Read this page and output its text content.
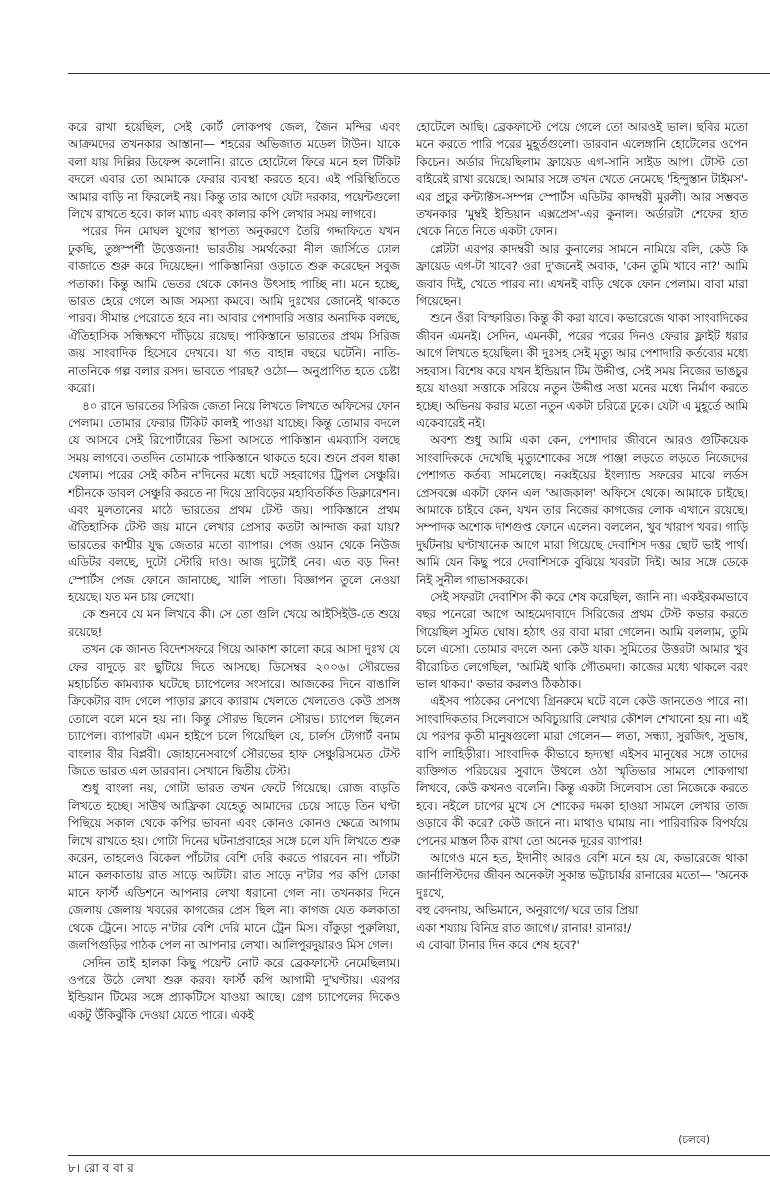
করে রাখা হয়েছিল, সেই কোর্ট লোকপথ জেল, জৈন মন্দির এবং আক্রমদের তখনকার আস্তানা— শহরের অভিজাত মডেল টাউন। যাকে বলা যায় দিল্লির ডিফেন্স কলোনি। রাতে হোটেলে ফিরে মনে হল টিকিট বদলে এবার তো আমাকে ফেরার ব্যবস্থা করতে হবে। এই পরিস্থিতিতে আমার বাড়ি না ফিরলেই নয়। কিন্তু তার আগে যেটা দরকার, পয়েন্টগুলো লিখে রাখতে হবে। কাল ম্যাচ এবং কালার কপি লেখার সময় লাগবে।

পরের দিন মোঘল যুগের স্থাপত্য অনুকরণে তৈরি গদ্দাফিতে যখন ঢুকছি, তুঙ্গস্পর্শী উত্তেজনা! ভারতীয় সমর্থকেরা নীল জার্সিতে ঢোল বাজাতে শুরু করে দিয়েছেন। পাকিস্তানিরা ওড়াতে শুরু করেছেন সবুজ পতাকা। কিন্তু আমি ভেতর থেকে কোনও উৎসাহ পাচ্ছি না। মনে হচ্ছে, ভারত হেরে গেলে আজ সমস্যা কমবে। আমি দুঃখের জোনেই থাকতে পারব। সীমান্ত পেরোতে হবে না। আবার পেশাদারি সত্তার অন্যদিক বলছে, ঐতিহাসিক সন্ধিক্ষণে দাঁড়িয়ে রয়েছ। পাকিস্তানে ভারতের প্রথম সিরিজ জয় সাংবাদিক হিসেবে দেখবে। যা গত বাহান্ন বছরে ঘটেনি। নাতি-নাতনিকে গল্প বলার রসদ। ভাবতে পারছ? ওঠো— অনুপ্রাণিত হতে চেষ্টা করো।

৪০ রানে ভারতের সিরিজ জেতা নিয়ে লিখতে লিখতে অফিসের ফোন পেলাম। তোমার ফেরার টিকিট কালই পাওয়া যাচ্ছে। কিন্তু তোমার বদলে যে আসবে সেই রিপোর্টারের ভিসা আসতে পাকিস্তান এমব্যাসি বলছে সময় লাগবে। ততদিন তোমাকে পাকিস্তানে থাকতে হবে। শুনে প্রবল ধাক্কা খেলাম। পরের সেই কঠিন ন'দিনের মধ্যে ঘটে সহবাগের ট্রিপল সেঞ্চুরি। শচীনকে ডাবল সেঞ্চুরি করতে না দিয়ে দ্রাবিড়ের মহাবিতর্কিত ডিক্লারেশন। এবং মুলতানের মাঠে ভারতের প্রথম টেস্ট জয়। পাকিস্তানে প্রথম ঐতিহাসিক টেস্ট জয় মানে লেখার প্রেসার কতটা আন্দাজ করা যায়? ভারতের কাশ্মীর যুদ্ধ জেতার মতো ব্যাপার। পেজ ওয়ান থেকে নিউজ এডিটর বলছে, দুটো স্টোরি দাও। আজ দুটোই নেব। এত বড় দিন! স্পোর্টস পেজ ফোনে জানাচ্ছে, খালি পাতা। বিজ্ঞাপন তুলে নেওয়া হয়েছে। যত মন চায় লেখো।

কে শুনবে যে মন লিখবে কী। সে তো গুলি খেয়ে আইসিইউ-তে শুয়ে রয়েছে!

তখন কে জানত বিদেশসফরে গিয়ে আকাশ কালো করে আসা দুঃখ যে ফের বাদুড়ে রং ছুটিয়ে দিতে আসছে। ডিসেম্বর ২০০৬। সৌরভের মহাচর্চিত কামব্যাক ঘটেছে চ্যাপেলের সংসারে। আজকের দিনে বাঙালি ক্রিকেটার বাদ গেলে পাড়ার ক্লাবে ক্যারাম খেলতে খেলতেও কেউ প্রসঙ্গ তোলে বলে মনে হয় না। কিন্তু সৌরভ ছিলেন সৌরভ। চ্যাপেল ছিলেন চ্যাপেল। ব্যাপারটা এমন হাইপে চলে গিয়েছিল যে, চার্লস ট্যেগার্ট বনাম বাংলার বীর বিপ্লবী। জোহানেসবার্গে সৌরভের হাফ সেঞ্চুরিসমেত টেস্ট জিতে ভারত এল ডারবান। সেখানে দ্বিতীয় টেস্ট।

শুধু বাংলা নয়, গোটা ভারত তখন ফেটে গিয়েছে। রোজ বাড়তি লিখতে হচ্ছে। সাউথ আফ্রিকা যেহেতু আমাদের চেয়ে সাড়ে তিন ঘণ্টা পিছিয়ে সকাল থেকে কপির ভাবনা এবং কোনও কোনও ক্ষেত্রে আগাম লিখে রাখতে হয়। গোটা দিনের ঘটনাপ্রবাহের সঙ্গে চলে যদি লিখতে শুরু করেন, তাহলেও বিকেল পাঁচটার বেশি দেরি করতে পারবেন না। পাঁচটা মানে কলকাতায় রাত সাড়ে আটটা। রাত সাড়ে ন'টার পর কপি ঢোকা মানে ফার্স্ট এডিশনে আপনার লেখা ধরানো গেল না। তখনকার দিনে জেলায় জেলায় খবরের কাগজের প্রেস ছিল না। কাগজ যেত কলকাতা থেকে ট্রেনে। সাড়ে ন'টার বেশি দেরি মানে ট্রেন মিস। বাঁকুড়া পুরুলিয়া, জলপিগুড়ির পাঠক পেল না আপনার লেখা। আলিপুরদুয়ারও মিস গেল।

সেদিন তাই হালকা কিছু পয়েন্ট নোট করে ব্রেকফাস্টে নেমেছিলাম। ওপরে উঠে লেখা শুরু করব। ফার্স্ট কপি আগামী দু'ঘণ্টায়। এরপর ইন্ডিয়ান টিমের সঙ্গে প্র্যাকটিসে যাওয়া আছে। গ্রেগ চ্যাপেলের দিকেও একটু উঁকিঝুঁকি দেওয়া যেতে পারে। একই

হোটেলে আছি। ব্রেকফাস্টে পেয়ে গেলে তো আরওই ভাল। ছবির মতো মনে করতে পারি পরের মুহূর্তগুলো। ডারবান এলেঙ্গানি হোটেলের ওপেন কিচেন। অর্ডার দিয়েছিলাম ফ্রায়েড এগ-সানি সাইড আপ। টোস্ট তো বাইরেই রাখা রয়েছে। আমার সঙ্গে তখন খেতে নেমেছে 'হিন্দুস্তান টাইমস'-এর প্রচুর কন্ট্যাক্টস-সম্পন্ন স্পোর্টস এডিটর কাদম্বরী মুরলী। আর সম্ভবত তখনকার 'মুম্বই ইন্ডিয়ান এক্সপ্রেস'-এর কুনাল। অর্ডারটা শেফের হাত থেকে নিতে নিতে একটা ফোন।

প্লেটটা এরপর কাদম্বরী আর কুনালের সামনে নামিয়ে বলি, কেউ কি ফ্রায়েড এগ-টা খাবে? ওরা দু'জনেই অবাক, 'কেন তুমি খাবে না?' আমি জবাব দিই, খেতে পারব না। এখনই বাড়ি থেকে ফোন পেলাম। বাবা মারা গিয়েছেন।

শুনে ওঁরা বিস্ফারিত। কিন্তু কী করা যাবে। কভারেজে থাকা সাংবাদিকের জীবন এমনই। সেদিন, এমনকী, পরের পরের দিনও ফেরার ফ্লাইট ধরার আগে লিখতে হয়েছিল। কী দুঃসহ সেই মৃত্যু আর পেশাদারি কর্তব্যের মধ্যে সহবাস। বিশেষ করে যখন ইন্ডিয়ান টিম উদ্দীপ্ত, সেই সময় নিজের ভাঙচুর হয়ে যাওয়া সত্তাকে সরিয়ে নতুন উদ্দীপ্ত সত্তা মনের মধ্যে নির্মাণ করতে হচ্ছে। অভিনয় করার মতো নতুন একটা চরিত্রে ঢুকে। যেটা এ মুহূর্তে আমি একেবারেই নই।

অবশ্য শুধু আমি একা কেন, পেশাদার জীবনে আরও গুটিকয়েক সাংবাদিককে দেখেছি মৃত্যুশোকের সঙ্গে পাঞ্জা লড়তে লড়তে নিজেদের পেশাগত কর্তব্য সামলেছে। নব্বইয়ের ইংল্যান্ড সফরের মাঝে লর্ডস প্রেসবক্সে একটা ফোন এল 'আজকাল' অফিসে থেকে। আমাকে চাইছে। আমাকে চাইবে কেন, যখন তার নিজের কাগজের লোক এখানে রয়েছে। সম্পাদক অশোক দাশগুপ্ত ফোনে এলেন। বললেন, খুব খারাপ খবর। গাড়ি দুর্ঘটনায় ঘণ্টাখানেক আগে মারা গিয়েছে দেবাশিস দত্তর ছোট ভাই পার্থ। আমি যেন কিছু পরে দেবাশিসকে বুঝিয়ে খবরটা দিই। আর সঙ্গে ডেকে নিই সুনীল গাভাসকরকে।

সেই সফরটা দেবাশিস কী করে শেষ করেছিল, জানি না। একইরকমভাবে বছর পনেরো আগে আহমেদাবাদে সিরিজের প্রথম টেস্ট কভার করতে গিয়েছিল সুমিত ঘোষ। হঠাৎ ওর বাবা মারা গেলেন। আমি বললাম, তুমি চলে এসো। তোমার বদলে অন্য কেউ যাক। সুমিতের উত্তরটা আমার খুব বীরোচিত লেগেছিল, 'আমিই থাকি গৌতমদা। কাজের মধ্যে থাকলে বরং ভাল থাকব।' কভার করলও ঠিকঠাক।

এইসব পাঠকের নেপথ্যে গ্রিনরুমে ঘটে বলে কেউ জানতেও পারে না। সাংবাদিকতার সিলেবাসে অবিচ্যুয়ারি লেখার কৌশল শেখানো হয় না। এই যে পরপর কৃতী মানুষগুলো মারা গেলেন— লতা, সন্ধ্যা, সুরজিৎ, সুভাষ, বাপি লাহিড়ীরা। সাংবাদিক কীভাবে হৃদ্যস্থা এইসব মানুষের সঙ্গে তাদের ব্যক্তিগত পরিচয়ের সুবাদে উথলে ওঠা স্মৃতিভার সামলে শোকগাথা লিখবে, কেউ কখনও বলেনি। কিন্তু একটা সিলেবাস তো নিজেকে করতে হবে। নইলে চাপের মুখে সে শোকের দমকা হাওয়া সামলে লেখার তাজ ওড়াবে কী করে? কেউ জানে না। মাথাও ঘামায় না। পারিবারিক বিপর্যয়ে পেনের মাস্তল ঠিক রাখা তো অনেক দূরের ব্যাপার!

আগেও মনে হত, ইদানীং আরও বেশি মনে হয় যে, কভারেজে থাকা জার্নালিস্টদের জীবন অনেকটা সুকান্ত ভট্টাচার্যর রানারের মতো— 'অনেক দুঃখে,

বহু বেদনায়, অভিমানে, অনুরাগে/ ঘরে তার প্রিয়া

একা শয্যায় বিনিদ্র রাত জাগে।/ রানার! রানার!/

এ বোঝা টানার দিন কবে শেষ হবে?'

(চলবে)
৮। রো ব বা র
